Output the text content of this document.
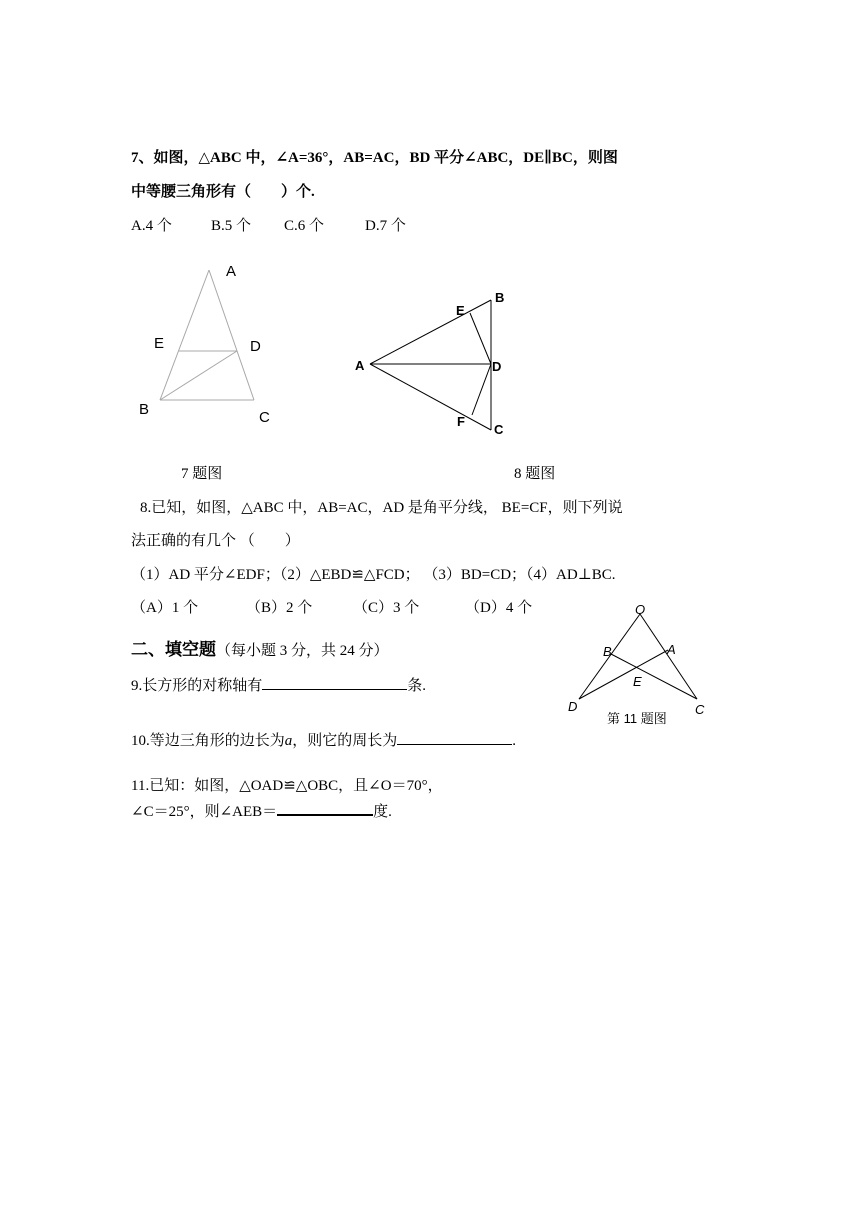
7、如图，△ABC 中，∠A=36°，AB=AC，BD 平分∠ABC，DE∥BC，则图
中等腰三角形有（　　）个.
A.4 个	B.5 个 C.6 个	D.7 个
A
E	D
B	C
B
E
A	D
F
C
7 题图	8 题图
8.已知，如图，△ABC 中，AB=AC，AD 是角平分线， BE=CF，则下列说
法正确的有几个 （　　）
（1）AD 平分∠EDF；（2）△EBD≌△FCD； （3）BD=CD；（4）AD⊥BC.
（A）1 个	（B）2 个	（C）3 个	（D）4 个
二、填空题（每小题 3 分，共 24 分）
9.长方形的对称轴有	条.
10.等边三角形的边长为a，则它的周长为	.
11.已知：如图，△OAD≌△OBC，且∠O＝70°，
∠C＝25°，则∠AEB＝	度.
O
B	A
E
D	C
第 11 题图
